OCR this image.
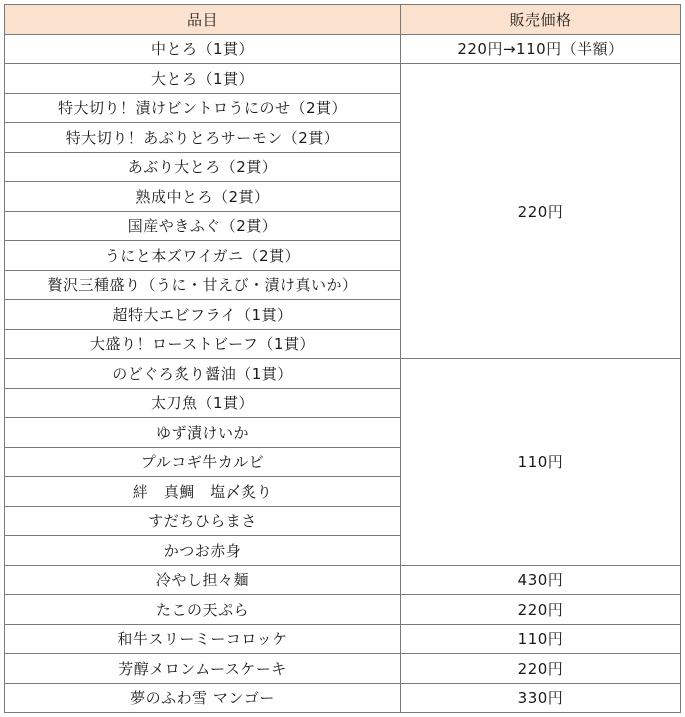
品目	販売価格
中とろ（1貫）	220円→110円（半額）
大とろ（1貫）	220円
特大切り！漬けビントロうにのせ（2貫）	
特大切り！あぶりとろサーモン（2貫）	
あぶり大とろ（2貫）	
熟成中とろ（2貫）	
国産やきふぐ（2貫）	
うにと本ズワイガニ（2貫）	
贅沢三種盛り（うに・甘えび・漬け真いか）	
超特大エビフライ（1貫）	
大盛り！ローストビーフ（1貫）	
のどぐろ炙り醤油（1貫）	110円
太刀魚（1貫）	
ゆず漬けいか	
プルコギ牛カルビ	
絆　真鯛　塩〆炙り	
すだちひらまさ	
かつお赤身	
冷やし担々麺	430円
たこの天ぷら	220円
和牛スリーミーコロッケ	110円
芳醇メロンムースケーキ	220円
夢のふわ雪 マンゴー	330円
